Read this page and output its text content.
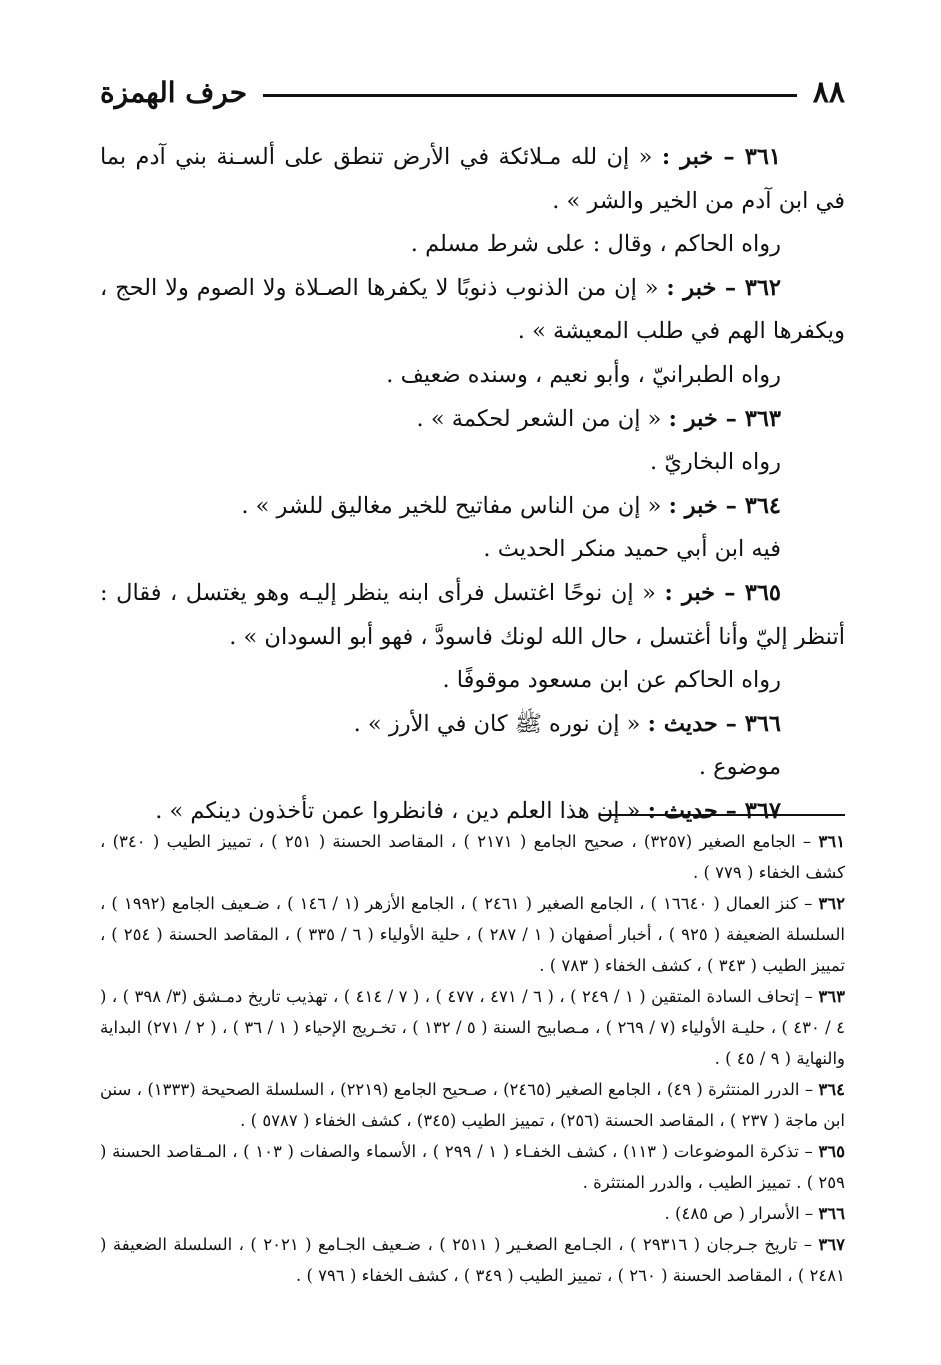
٨٨
حرف الهمزة

٣٦١ – خبر : « إن لله مـلائكة في الأرض تنطق على ألسـنة بني آدم بما في ابن آدم من الخير والشر » .

رواه الحاكم ، وقال : على شرط مسلم .

٣٦٢ – خبر : « إن من الذنوب ذنوبًا لا يكفرها الصـلاة ولا الصوم ولا الحج ، ويكفرها الهم في طلب المعيشة » .

رواه الطبرانيّ ، وأبو نعيم ، وسنده ضعيف .

٣٦٣ – خبر : « إن من الشعر لحكمة » .

رواه البخاريّ .

٣٦٤ – خبر : « إن من الناس مفاتيح للخير مغاليق للشر » .

فيه ابن أبي حميد منكر الحديث .

٣٦٥ – خبر : « إن نوحًا اغتسل فرأى ابنه ينظر إليـه وهو يغتسل ، فقال : أتنظر إليّ وأنا أغتسل ، حال الله لونك فاسودَّ ، فهو أبو السودان » .

رواه الحاكم عن ابن مسعود موقوفًا .

٣٦٦ – حديث : « إن نوره ﷺ كان في الأرز » .

موضوع .

٣٦٧ – حديث : « إن هذا العلم دين ، فانظروا عمن تأخذون دينكم » .

٣٦١ – الجامع الصغير (٣٢٥٧) ، صحيح الجامع ( ٢١٧١ ) ، المقاصد الحسنة ( ٢٥١ ) ، تمييز الطيب ( ٣٤٠) ، كشف الخفاء ( ٧٧٩ ) .

٣٦٢ – كنز العمال ( ١٦٦٤٠ ) ، الجامع الصغير ( ٢٤٦١ ) ، الجامع الأزهر (١ / ١٤٦ ) ، ضـعيف الجامع (١٩٩٢ ) ، السلسلة الضعيفة ( ٩٢٥ ) ، أخبار أصفهان ( ١ / ٢٨٧ ) ، حلية الأولياء ( ٦ / ٣٣٥ ) ، المقاصد الحسنة ( ٢٥٤ ) ، تمييز الطيب ( ٣٤٣ ) ، كشف الخفاء ( ٧٨٣ ) .

٣٦٣ – إتحاف السادة المتقين ( ١ / ٢٤٩ ) ، ( ٦ / ٤٧١ ، ٤٧٧ ) ، ( ٧ / ٤١٤ ) ، تهذيب تاريخ دمـشق (٣/ ٣٩٨ ) ، ( ٤ / ٤٣٠ ) ، حليـة الأولياء (٧ / ٢٦٩ ) ، مـصابيح السنة ( ٥ / ١٣٢ ) ، تخـريج الإحياء ( ١ / ٣٦ ) ، ( ٢ / ٢٧١) البداية والنهاية ( ٩ / ٤٥ ) .

٣٦٤ – الدرر المنتثرة ( ٤٩) ، الجامع الصغير (٢٤٦٥) ، صـحيح الجامع (٢٢١٩) ، السلسلة الصحيحة (١٣٣٣) ، سنن ابن ماجة ( ٢٣٧ ) ، المقاصد الحسنة (٢٥٦) ، تمييز الطيب (٣٤٥) ، كشف الخفاء ( ٥٧٨٧ ) .

٣٦٥ – تذكرة الموضوعات ( ١١٣) ، كشف الخفـاء ( ١ / ٢٩٩ ) ، الأسماء والصفات ( ١٠٣ ) ، المـقاصد الحسنة ( ٢٥٩ ) . تمييز الطيب ، والدرر المنتثرة .

٣٦٦ – الأسرار ( ص ٤٨٥) .

٣٦٧ – تاريخ جـرجان ( ٢٩٣١٦ ) ، الجـامع الصغـير ( ٢٥١١ ) ، ضـعيف الجـامع ( ٢٠٢١ ) ، السلسلة الضعيفة ( ٢٤٨١ ) ، المقاصد الحسنة ( ٢٦٠ ) ، تمييز الطيب ( ٣٤٩ ) ، كشف الخفاء ( ٧٩٦ ) .
